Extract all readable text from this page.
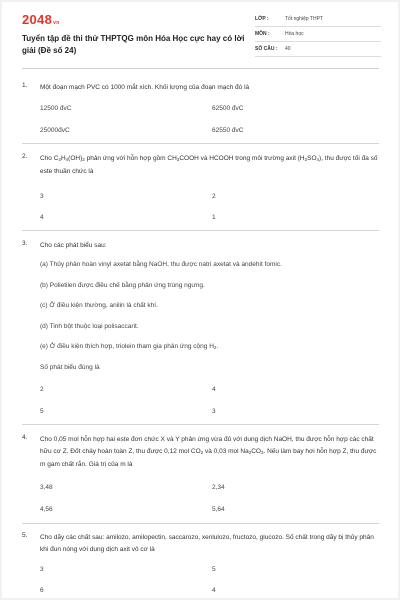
2048vn
Tuyển tập đề thi thử THPTQG môn Hóa Học cực hay có lời giải (Đề số 24)
LỚP :	Tốt nghiệp THPT
MÔN :	Hóa học
SỐ CÂU :	40
1. Một đoạn mạch PVC có 1000 mắt xích. Khối lượng của đoạn mạch đó là
12500 đvC	62500 đvC
25000đvC	62550 đvC
2. Cho $C_2H_4(OH)_2$ phản ứng với hỗn hợp gồm $CH_3COOH$ và HCOOH trong môi trường axit $(H_2SO_4)$, thu được tối đa số este thuần chức là
3	2
4	1
3. Cho các phát biểu sau:
(a) Thủy phân hoàn vinyl axetat bằng NaOH, thu được natri axetat và andehit fomic.
(b) Polietilen được điều chế bằng phản ứng trùng ngưng.
(c) Ở điều kiện thường, anilin là chất khí.
(d) Tinh bột thuộc loại polisaccarit.
(e) Ở điều kiện thích hợp, triolein tham gia phản ứng cộng $H_2$.
Số phát biểu đúng là
2	4
5	3
4. Cho 0,05 mol hỗn hợp hai este đơn chức X và Y phản ứng vừa đủ với dung dịch NaOH, thu được hỗn hợp các chất hữu cơ Z. Đốt cháy hoàn toàn Z, thu được 0,12 mol $CO_2$ và 0,03 mol $Na_2CO_3$. Nếu làm bay hơi hỗn hợp Z, thu được m gam chất rắn. Giá trị của m là
3,48	2,34
4,56	5,64
5. Cho dãy các chất sau: amilozo, amilopectin, saccarozo, xenlulozo, fructozo, glucozo. Số chất trong dãy bị thủy phân khi đun nóng với dung dịch axit vô cơ là
3	5
6	4
